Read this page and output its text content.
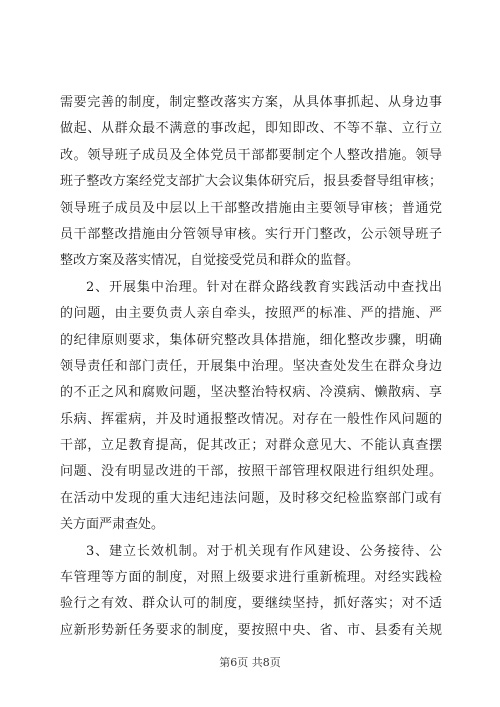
需要完善的制度，制定整改落实方案，从具体事抓起、从身边事
做起、从群众最不满意的事改起，即知即改、不等不靠、立行立
改。领导班子成员及全体党员干部都要制定个人整改措施。领导
班子整改方案经党支部扩大会议集体研究后，报县委督导组审核；
领导班子成员及中层以上干部整改措施由主要领导审核；普通党
员干部整改措施由分管领导审核。实行开门整改，公示领导班子
整改方案及落实情况，自觉接受党员和群众的监督。
2、开展集中治理。针对在群众路线教育实践活动中查找出
的问题，由主要负责人亲自牵头，按照严的标准、严的措施、严
的纪律原则要求，集体研究整改具体措施，细化整改步骤，明确
领导责任和部门责任，开展集中治理。坚决查处发生在群众身边
的不正之风和腐败问题，坚决整治特权病、冷漠病、懒散病、享
乐病、挥霍病，并及时通报整改情况。对存在一般性作风问题的
干部，立足教育提高，促其改正；对群众意见大、不能认真查摆
问题、没有明显改进的干部，按照干部管理权限进行组织处理。
在活动中发现的重大违纪违法问题，及时移交纪检监察部门或有
关方面严肃查处。
3、建立长效机制。对于机关现有作风建设、公务接待、公
车管理等方面的制度，对照上级要求进行重新梳理。对经实践检
验行之有效、群众认可的制度，要继续坚持，抓好落实；对不适
应新形势新任务要求的制度，要按照中央、省、市、县委有关规
第6页 共8页
